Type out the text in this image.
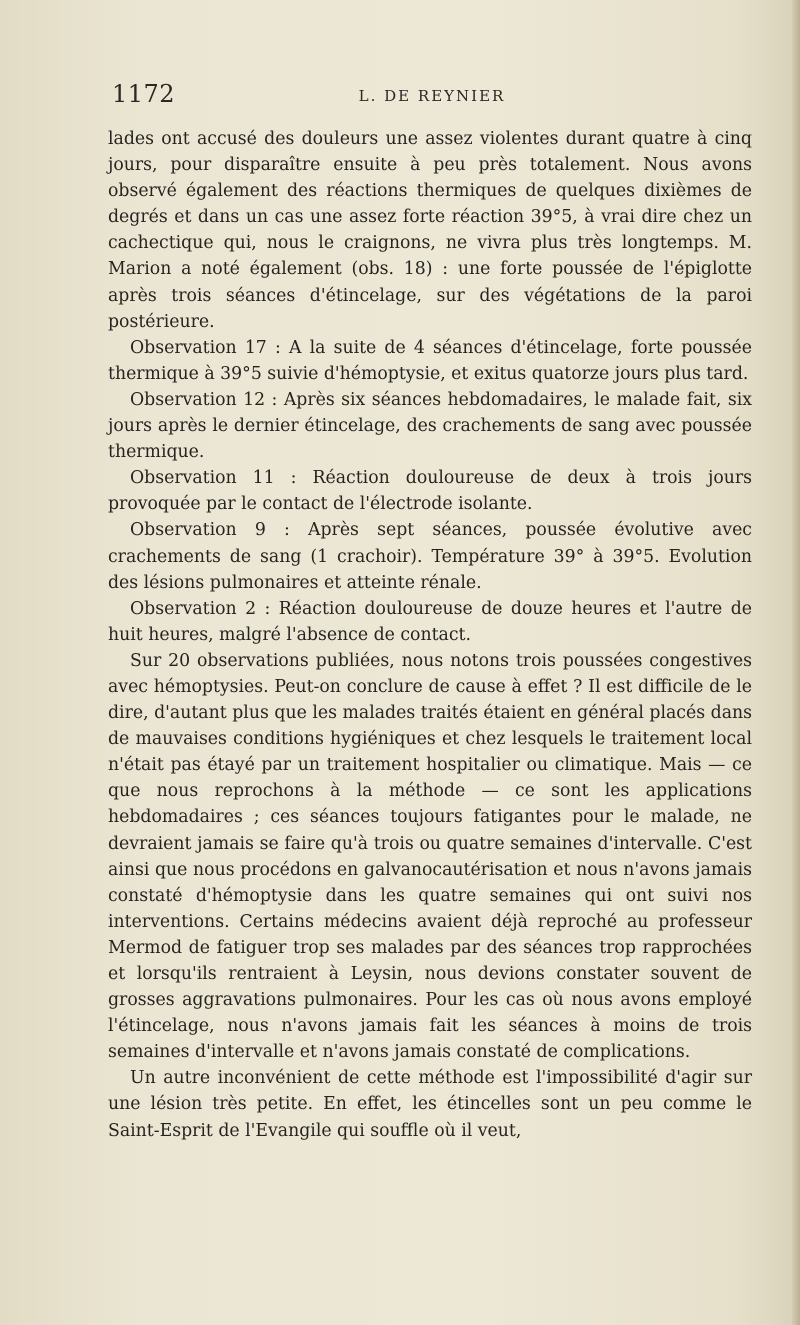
1172	L. DE REYNIER

lades ont accusé des douleurs une assez violentes durant quatre à cinq jours, pour disparaître ensuite à peu près totalement. Nous avons observé également des réactions thermiques de quelques dixièmes de degrés et dans un cas une assez forte réaction 39°5, à vrai dire chez un cachectique qui, nous le craignons, ne vivra plus très longtemps. M. Marion a noté également (obs. 18) : une forte poussée de l'épiglotte après trois séances d'étincelage, sur des végétations de la paroi postérieure.

Observation 17 : A la suite de 4 séances d'étincelage, forte poussée thermique à 39°5 suivie d'hémoptysie, et exitus quatorze jours plus tard.

Observation 12 : Après six séances hebdomadaires, le malade fait, six jours après le dernier étincelage, des crachements de sang avec poussée thermique.

Observation 11 : Réaction douloureuse de deux à trois jours provoquée par le contact de l'électrode isolante.

Observation 9 : Après sept séances, poussée évolutive avec crachements de sang (1 crachoir). Température 39° à 39°5. Evolution des lésions pulmonaires et atteinte rénale.

Observation 2 : Réaction douloureuse de douze heures et l'autre de huit heures, malgré l'absence de contact.

Sur 20 observations publiées, nous notons trois poussées congestives avec hémoptysies. Peut-on conclure de cause à effet ? Il est difficile de le dire, d'autant plus que les malades traités étaient en général placés dans de mauvaises conditions hygiéniques et chez lesquels le traitement local n'était pas étayé par un traitement hospitalier ou climatique. Mais — ce que nous reprochons à la méthode — ce sont les applications hebdomadaires ; ces séances toujours fatigantes pour le malade, ne devraient jamais se faire qu'à trois ou quatre semaines d'intervalle. C'est ainsi que nous procédons en galvanocautérisation et nous n'avons jamais constaté d'hémoptysie dans les quatre semaines qui ont suivi nos interventions. Certains médecins avaient déjà reproché au professeur Mermod de fatiguer trop ses malades par des séances trop rapprochées et lorsqu'ils rentraient à Leysin, nous devions constater souvent de grosses aggravations pulmonaires. Pour les cas où nous avons employé l'étincelage, nous n'avons jamais fait les séances à moins de trois semaines d'intervalle et n'avons jamais constaté de complications.

Un autre inconvénient de cette méthode est l'impossibilité d'agir sur une lésion très petite. En effet, les étincelles sont un peu comme le Saint-Esprit de l'Evangile qui souffle où il veut,
